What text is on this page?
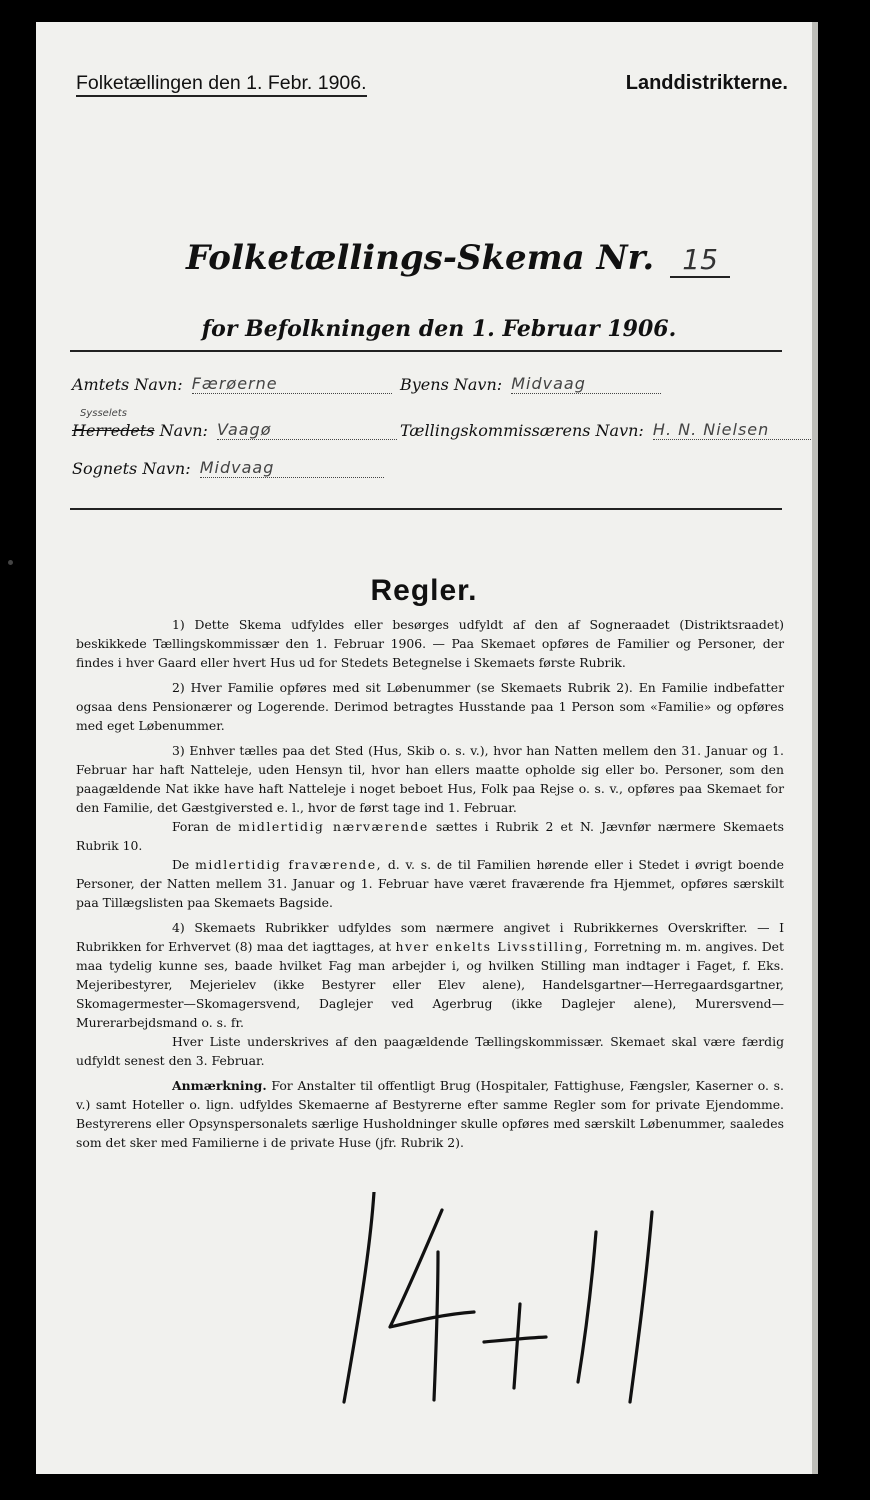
Folketællingen den 1. Febr. 1906.	Landdistrikterne.
Folketællings-Skema Nr. 15
for Befolkningen den 1. Februar 1906.
Amtets Navn: Færøerne	Byens Navn: Midvaag
Sysselets
Herredets Navn: Vaagø	Tællingskommissærens Navn: H. N. Nielsen
Sognets Navn: Midvaag
Regler.

1) Dette Skema udfyldes eller besørges udfyldt af den af Sogneraadet (Distriktsraadet) beskikkede Tællingskommissær den 1. Februar 1906. — Paa Skemaet opføres de Familier og Personer, der findes i hver Gaard eller hvert Hus ud for Stedets Betegnelse i Skemaets første Rubrik.

2) Hver Familie opføres med sit Løbenummer (se Skemaets Rubrik 2). En Familie indbefatter ogsaa dens Pensionærer og Logerende. Derimod betragtes Husstande paa 1 Person som «Familie» og opføres med eget Løbenummer.

3) Enhver tælles paa det Sted (Hus, Skib o. s. v.), hvor han Natten mellem den 31. Januar og 1. Februar har haft Natteleje, uden Hensyn til, hvor han ellers maatte opholde sig eller bo. Personer, som den paagældende Nat ikke have haft Natteleje i noget beboet Hus, Folk paa Rejse o. s. v., opføres paa Skemaet for den Familie, det Gæstgiversted e. l., hvor de først tage ind 1. Februar.

Foran de midlertidig nærværende sættes i Rubrik 2 et N. Jævnfør nærmere Skemaets Rubrik 10.

De midlertidig fraværende, d. v. s. de til Familien hørende eller i Stedet i øvrigt boende Personer, der Natten mellem 31. Januar og 1. Februar have været fraværende fra Hjemmet, opføres særskilt paa Tillægslisten paa Skemaets Bagside.

4) Skemaets Rubrikker udfyldes som nærmere angivet i Rubrikkernes Overskrifter. — I Rubrikken for Erhvervet (8) maa det iagttages, at hver enkelts Livsstilling, Forretning m. m. angives. Det maa tydelig kunne ses, baade hvilket Fag man arbejder i, og hvilken Stilling man indtager i Faget, f. Eks. Mejeribestyrer, Mejerielev (ikke Bestyrer eller Elev alene), Handelsgartner—Herregaardsgartner, Skomagermester—Skomagersvend, Daglejer ved Agerbrug (ikke Daglejer alene), Murersvend—Murerarbejdsmand o. s. fr.

Hver Liste underskrives af den paagældende Tællingskommissær. Skemaet skal være færdig udfyldt senest den 3. Februar.

Anmærkning. For Anstalter til offentligt Brug (Hospitaler, Fattighuse, Fængsler, Kaserner o. s. v.) samt Hoteller o. lign. udfyldes Skemaerne af Bestyrerne efter samme Regler som for private Ejendomme. Bestyrerens eller Opsynspersonalets særlige Husholdninger skulle opføres med særskilt Løbenummer, saaledes som det sker med Familierne i de private Huse (jfr. Rubrik 2).
